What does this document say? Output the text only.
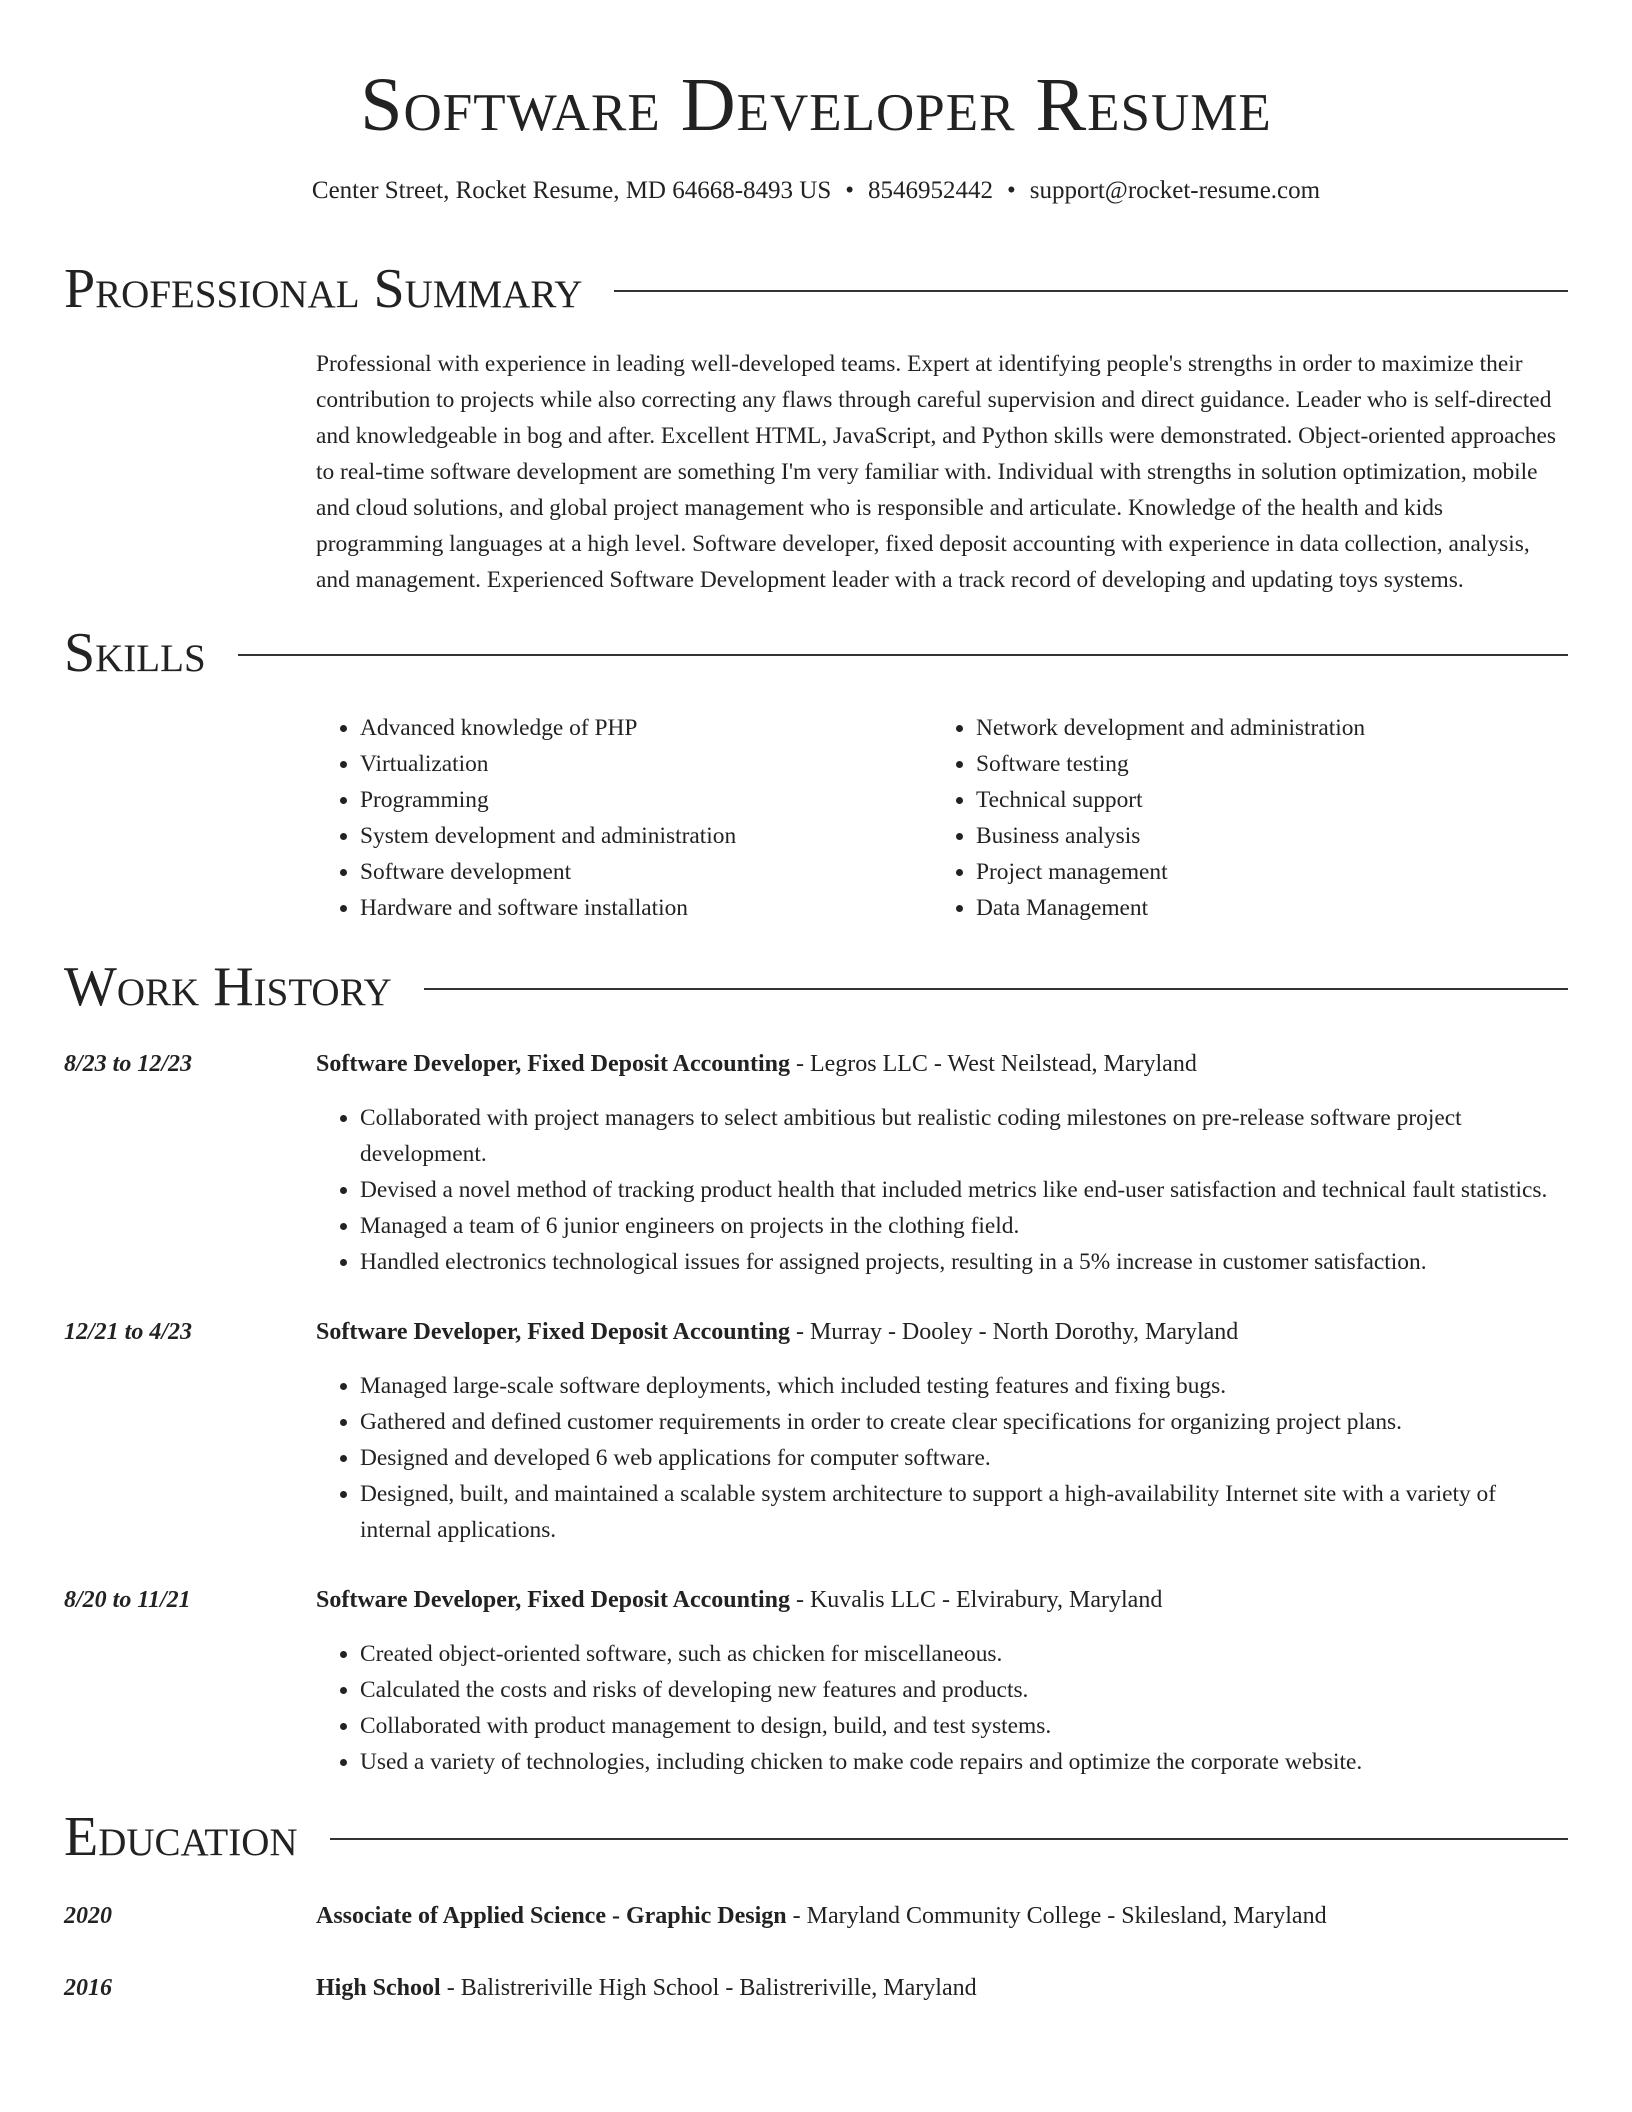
Software Developer Resume
Center Street, Rocket Resume, MD 64668-8493 US • 8546952442 • support@rocket-resume.com
Professional Summary
Professional with experience in leading well-developed teams. Expert at identifying people's strengths in order to maximize their contribution to projects while also correcting any flaws through careful supervision and direct guidance. Leader who is self-directed and knowledgeable in bog and after. Excellent HTML, JavaScript, and Python skills were demonstrated. Object-oriented approaches to real-time software development are something I'm very familiar with. Individual with strengths in solution optimization, mobile and cloud solutions, and global project management who is responsible and articulate. Knowledge of the health and kids programming languages at a high level. Software developer, fixed deposit accounting with experience in data collection, analysis, and management. Experienced Software Development leader with a track record of developing and updating toys systems.
Skills
• Advanced knowledge of PHP
• Virtualization
• Programming
• System development and administration
• Software development
• Hardware and software installation
• Network development and administration
• Software testing
• Technical support
• Business analysis
• Project management
• Data Management
Work History
8/23 to 12/23	Software Developer, Fixed Deposit Accounting - Legros LLC - West Neilstead, Maryland
• Collaborated with project managers to select ambitious but realistic coding milestones on pre-release software project development.
• Devised a novel method of tracking product health that included metrics like end-user satisfaction and technical fault statistics.
• Managed a team of 6 junior engineers on projects in the clothing field.
• Handled electronics technological issues for assigned projects, resulting in a 5% increase in customer satisfaction.
12/21 to 4/23	Software Developer, Fixed Deposit Accounting - Murray - Dooley - North Dorothy, Maryland
• Managed large-scale software deployments, which included testing features and fixing bugs.
• Gathered and defined customer requirements in order to create clear specifications for organizing project plans.
• Designed and developed 6 web applications for computer software.
• Designed, built, and maintained a scalable system architecture to support a high-availability Internet site with a variety of internal applications.
8/20 to 11/21	Software Developer, Fixed Deposit Accounting - Kuvalis LLC - Elvirabury, Maryland
• Created object-oriented software, such as chicken for miscellaneous.
• Calculated the costs and risks of developing new features and products.
• Collaborated with product management to design, build, and test systems.
• Used a variety of technologies, including chicken to make code repairs and optimize the corporate website.
Education
2020	Associate of Applied Science - Graphic Design - Maryland Community College - Skilesland, Maryland
2016	High School - Balistreriville High School - Balistreriville, Maryland
